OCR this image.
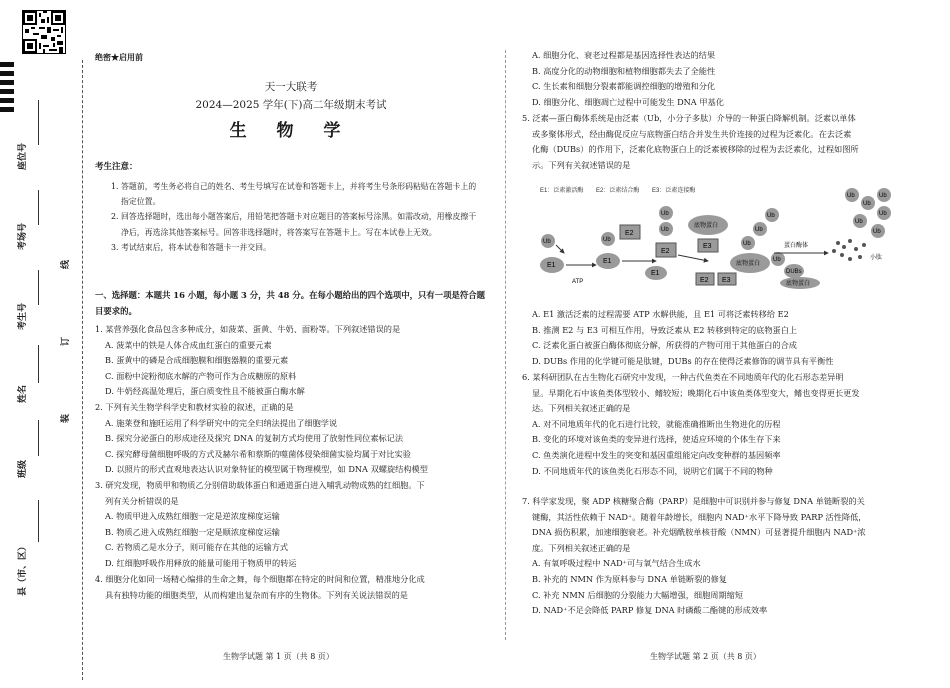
座位号
考场号
考生号
姓名
班级
县（市、区）
线
订
装
绝密★启用前
天一大联考
2024—2025 学年(下)高二年级期末考试
生 物 学
考生注意：

1. 答题前，考生务必将自己的姓名、考生号填写在试卷和答题卡上，并将考生号条形码粘贴在答题卡上的指定位置。

2. 回答选择题时，选出每小题答案后，用铅笔把答题卡对应题目的答案标号涂黑。如需改动，用橡皮擦干净后，再选涂其他答案标号。回答非选择题时，将答案写在答题卡上。写在本试卷上无效。

3. 考试结束后，将本试卷和答题卡一并交回。

一、选择题：本题共 16 小题，每小题 3 分，共 48 分。在每小题给出的四个选项中，只有一项是符合题目要求的。

1. 某营养强化食品包含多种成分，如菠菜、蛋黄、牛奶、面粉等。下列叙述错误的是

A. 菠菜中的铁是人体合成血红蛋白的重要元素

B. 蛋黄中的磷是合成细胞膜和细胞器膜的重要元素

C. 面粉中淀粉彻底水解的产物可作为合成糖原的原料

D. 牛奶经高温处理后，蛋白质变性且不能被蛋白酶水解

2. 下列有关生物学科学史和教材实验的叙述，正确的是

A. 施莱登和施旺运用了科学研究中的完全归纳法提出了细胞学说

B. 探究分泌蛋白的形成途径及探究 DNA 的复制方式均使用了放射性同位素标记法

C. 探究酵母菌细胞呼吸的方式及赫尔希和蔡斯的噬菌体侵染细菌实验均属于对比实验

D. 以照片的形式直观地表达认识对象特征的模型属于物理模型，如 DNA 双螺旋结构模型

3. 研究发现，物质甲和物质乙分别借助载体蛋白和通道蛋白进入哺乳动物成熟的红细胞。下

列有关分析错误的是

A. 物质甲进入成熟红细胞一定是逆浓度梯度运输

B. 物质乙进入成熟红细胞一定是顺浓度梯度运输

C. 若物质乙是水分子，则可能存在其他的运输方式

D. 红细胞呼吸作用释放的能量可能用于物质甲的转运

4. 细胞分化如同一场精心编排的生命之舞，每个细胞都在特定的时间和位置，精准地分化成

具有独特功能的细胞类型，从而构建出复杂而有序的生物体。下列有关说法错误的是

生物学试题 第 1 页（共 8 页）

A. 细胞分化、衰老过程都是基因选择性表达的结果

B. 高度分化的动物细胞和植物细胞都失去了全能性

C. 生长素和细胞分裂素都能调控细胞的增殖和分化

D. 细胞分化、细胞凋亡过程中可能发生 DNA 甲基化

5. 泛素—蛋白酶体系统是由泛素（Ub，小分子多肽）介导的一种蛋白降解机制。泛素以单体

或多聚体形式，经由酶促反应与底物蛋白结合并发生共价连接的过程为泛素化。在去泛素

化酶（DUBs）的作用下，泛素化底物蛋白上的泛素被移除的过程为去泛素化，过程如图所

示。下列有关叙述错误的是

E1：泛素激活酶 E2：泛素结合酶 E3：泛素连接酶
Ub
E1
ATP
Ub
E1
E2
Ub
Ub
E2
E1
底物蛋白
E3
E2 E3
底物蛋白
Ub
Ub
Ub
Ub
DUBs
底物蛋白
蛋白酶体
Ub
Ub
Ub
Ub
Ub
Ub
小肽

A. E1 激活泛素的过程需要 ATP 水解供能，且 E1 可将泛素转移给 E2

B. 推测 E2 与 E3 可相互作用，导致泛素从 E2 转移到特定的底物蛋白上

C. 泛素化蛋白被蛋白酶体彻底分解，所获得的产物可用于其他蛋白的合成

D. DUBs 作用的化学键可能是肽键，DUBs 的存在使得泛素修饰的调节具有平衡性

6. 某科研团队在古生物化石研究中发现，一种古代鱼类在不同地质年代的化石形态差异明

显。早期化石中该鱼类体型较小、鳍较短；晚期化石中该鱼类体型变大，鳍也变得更长更发

达。下列相关叙述正确的是

A. 对不同地质年代的化石进行比较，就能准确推断出生物进化的历程

B. 变化的环境对该鱼类的变异进行选择，使适应环境的个体生存下来

C. 鱼类演化进程中发生的突变和基因重组能定向改变种群的基因频率

D. 不同地质年代的该鱼类化石形态不同，说明它们属于不同的物种

7. 科学家发现，聚 ADP 核糖聚合酶（PARP）是细胞中可识别并参与修复 DNA 单链断裂的关

键酶，其活性依赖于 NAD⁺。随着年龄增长，细胞内 NAD⁺水平下降导致 PARP 活性降低，

DNA 损伤积累，加速细胞衰老。补充烟酰胺单核苷酸（NMN）可显著提升细胞内 NAD⁺浓

度。下列相关叙述正确的是

A. 有氧呼吸过程中 NAD⁺可与氧气结合生成水

B. 补充的 NMN 作为原料参与 DNA 单链断裂的修复

C. 补充 NMN 后细胞的分裂能力大幅增强，细胞周期缩短

D. NAD⁺不足会降低 PARP 修复 DNA 时磷酸二酯键的形成效率

生物学试题 第 2 页（共 8 页）
